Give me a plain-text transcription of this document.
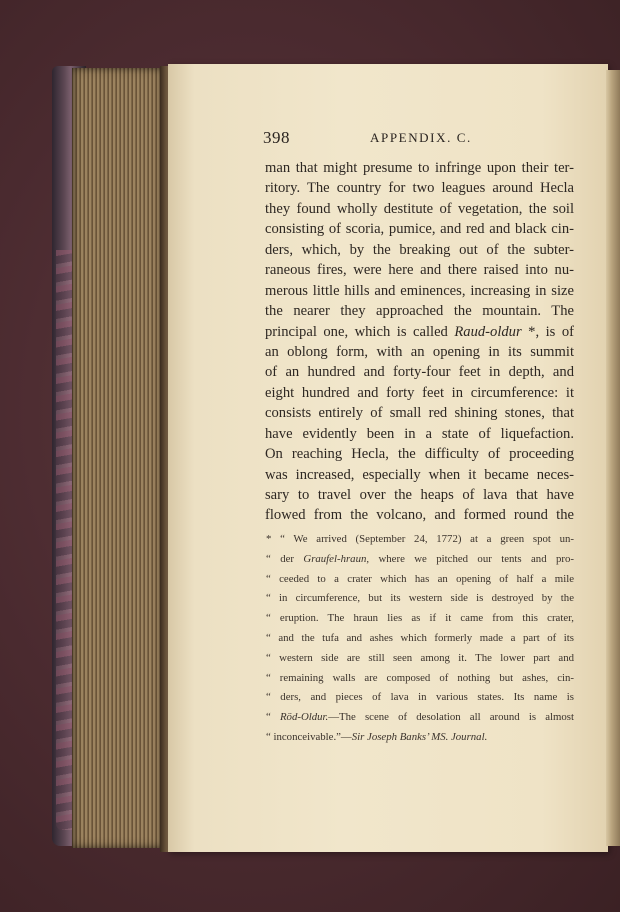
398	APPENDIX. C.
man that might presume to infringe upon their ter-
ritory. The country for two leagues around Hecla
they found wholly destitute of vegetation, the soil
consisting of scoria, pumice, and red and black cin-
ders, which, by the breaking out of the subter-
raneous fires, were here and there raised into nu-
merous little hills and eminences, increasing in size
the nearer they approached the mountain. The
principal one, which is called Raud-oldur *, is of
an oblong form, with an opening in its summit
of an hundred and forty-four feet in depth, and
eight hundred and forty feet in circumference: it
consists entirely of small red shining stones, that
have evidently been in a state of liquefaction.
On reaching Hecla, the difficulty of proceeding
was increased, especially when it became neces-
sary to travel over the heaps of lava that have
flowed from the volcano, and formed round the
* “ We arrived (September 24, 1772) at a green spot un-
“ der Graufel-hraun, where we pitched our tents and pro-
“ ceeded to a crater which has an opening of half a mile
“ in circumference, but its western side is destroyed by the
“ eruption. The hraun lies as if it came from this crater,
“ and the tufa and ashes which formerly made a part of its
“ western side are still seen among it. The lower part and
“ remaining walls are composed of nothing but ashes, cin-
“ ders, and pieces of lava in various states. Its name is
“ Röd-Oldur.—The scene of desolation all around is almost
“ inconceivable.”—Sir Joseph Banks’ MS. Journal.
